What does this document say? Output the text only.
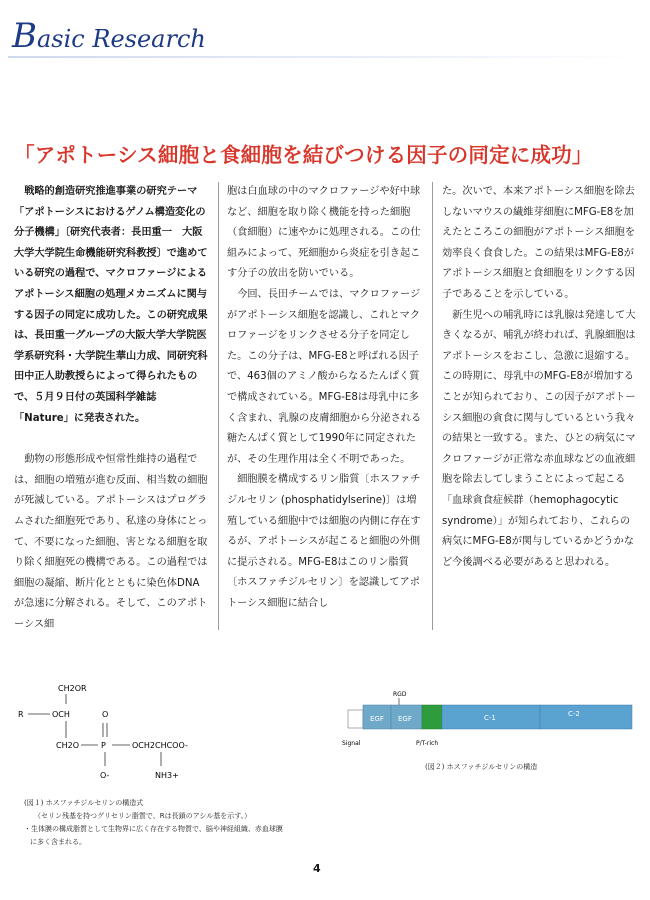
Basic Research
「アポトーシス細胞と食細胞を結びつける因子の同定に成功」

戦略的創造研究推進事業の研究テーマ「アポトーシスにおけるゲノム構造変化の分子機構」〔研究代表者：長田重一　大阪大学大学院生命機能研究科教授〕で進めている研究の過程で、マクロファージによるアポトーシス細胞の処理メカニズムに関与する因子の同定に成功した。この研究成果は、長田重一グループの大阪大学大学院医学系研究科・大学院生華山力成、同研究科田中正人助教授らによって得られたもので、５月９日付の英国科学雑誌「Nature」に発表された。

動物の形態形成や恒常性維持の過程では、細胞の増殖が進む反面、相当数の細胞が死滅している。アポトーシスはプログラムされた細胞死であり、私達の身体にとって、不要になった細胞、害となる細胞を取り除く細胞死の機構である。この過程では細胞の凝縮、断片化とともに染色体DNAが急速に分解される。そして、このアポトーシス細

胞は白血球の中のマクロファージや好中球など、細胞を取り除く機能を持った細胞（食細胞）に速やかに処理される。この仕組みによって、死細胞から炎症を引き起こす分子の放出を防いでいる。

今回、長田チームでは、マクロファージがアポトーシス細胞を認識し、これとマクロファージをリンクさせる分子を同定した。この分子は、MFG-E8と呼ばれる因子で、463個のアミノ酸からなるたんぱく質で構成されている。MFG-E8は母乳中に多く含まれ、乳腺の皮膚細胞から分泌される糖たんぱく質として1990年に同定されたが、その生理作用は全く不明であった。

細胞膜を構成するリン脂質〔ホスファチジルセリン (phosphatidylserine)〕は増殖している細胞中では細胞の内側に存在するが、アポトーシスが起こると細胞の外側に提示される。MFG-E8はこのリン脂質〔ホスファチジルセリン〕を認識してアポトーシス細胞に結合し

た。次いで、本来アポトーシス細胞を除去しないマウスの繊維芽細胞にMFG-E8を加えたところこの細胞がアポトーシス細胞を効率良く食食した。この結果はMFG-E8がアポトーシス細胞と食細胞をリンクする因子であることを示している。

新生児への哺乳時には乳腺は発達して大きくなるが、哺乳が終われば、乳腺細胞はアポトーシスをおこし、急激に退縮する。この時期に、母乳中のMFG-E8が増加することが知られており、この因子がアポトーシス細胞の貪食に関与しているという我々の結果と一致する。また、ひとの病気にマクロファージが正常な赤血球などの血液細胞を除去してしまうことによって起こる「血球貪食症候群（hemophagocytic syndrome）」が知られており、これらの病気にMFG-E8が関与しているかどうかなど今後調べる必要があると思われる。

CH2OR
R	OCH	O
CH2O	P	OCH2CHCOO-
O-	NH3+
RGD
EGF EGF	C-1	C-2
Signal	P/T-rich
(図２) ホスファチジルセリンの構造

(図１) ホスファチジルセリンの構造式

（セリン残基を持つグリセリン脂質で、Rは長鎖のアシル基を示す。）

・生体膜の構成脂質として生物界に広く存在する物質で、脳や神経組織、赤血球膜

に多く含まれる。

4
